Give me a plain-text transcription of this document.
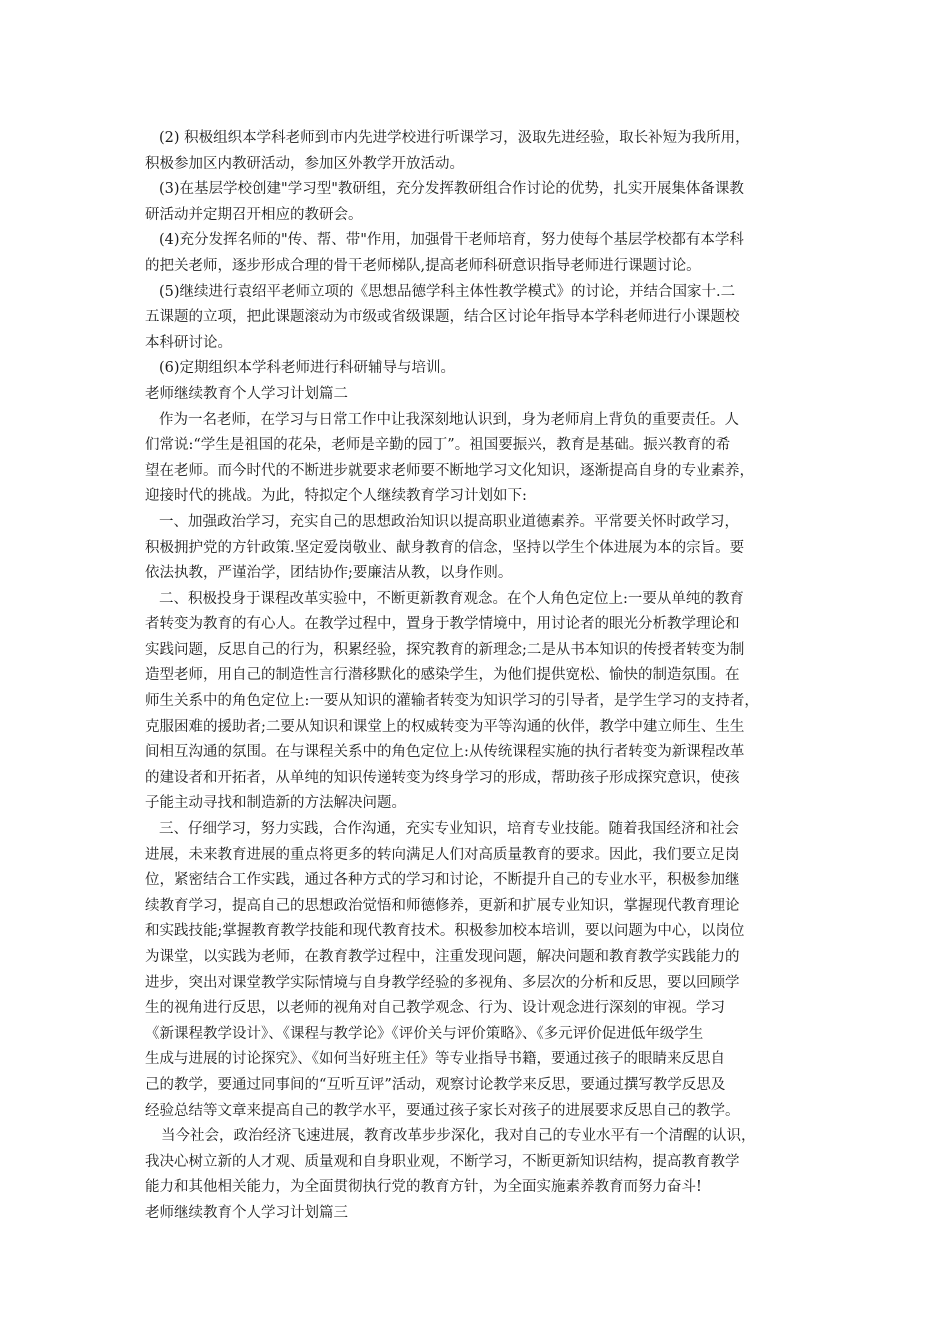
(2) 积极组织本学科老师到市内先进学校进行听课学习，汲取先进经验，取长补短为我所用，
积极参加区内教研活动，参加区外教学开放活动。
(3)在基层学校创建"学习型"教研组，充分发挥教研组合作讨论的优势，扎实开展集体备课教
研活动并定期召开相应的教研会。
(4)充分发挥名师的"传、帮、带"作用，加强骨干老师培育，努力使每个基层学校都有本学科
的把关老师，逐步形成合理的骨干老师梯队,提高老师科研意识指导老师进行课题讨论。
(5)继续进行袁绍平老师立项的《思想品德学科主体性教学模式》的讨论，并结合国家十.二
五课题的立项，把此课题滚动为市级或省级课题，结合区讨论年指导本学科老师进行小课题校
本科研讨论。
(6)定期组织本学科老师进行科研辅导与培训。
老师继续教育个人学习计划篇二
作为一名老师，在学习与日常工作中让我深刻地认识到，身为老师肩上背负的重要责任。人
们常说:“学生是祖国的花朵，老师是辛勤的园丁”。祖国要振兴，教育是基础。振兴教育的希
望在老师。而今时代的不断进步就要求老师要不断地学习文化知识，逐渐提高自身的专业素养，
迎接时代的挑战。为此，特拟定个人继续教育学习计划如下:
一、加强政治学习，充实自己的思想政治知识以提高职业道德素养。平常要关怀时政学习，
积极拥护党的方针政策.坚定爱岗敬业、献身教育的信念，坚持以学生个体进展为本的宗旨。要
依法执教，严谨治学，团结协作;要廉洁从教，以身作则。
二、积极投身于课程改革实验中，不断更新教育观念。在个人角色定位上:一要从单纯的教育
者转变为教育的有心人。在教学过程中，置身于教学情境中，用讨论者的眼光分析教学理论和
实践问题，反思自己的行为，积累经验，探究教育的新理念;二是从书本知识的传授者转变为制
造型老师，用自己的制造性言行潜移默化的感染学生，为他们提供宽松、愉快的制造氛围。在
师生关系中的角色定位上:一要从知识的灌输者转变为知识学习的引导者，是学生学习的支持者，
克服困难的援助者;二要从知识和课堂上的权威转变为平等沟通的伙伴，教学中建立师生、生生
间相互沟通的氛围。在与课程关系中的角色定位上:从传统课程实施的执行者转变为新课程改革
的建设者和开拓者，从单纯的知识传递转变为终身学习的形成，帮助孩子形成探究意识，使孩
子能主动寻找和制造新的方法解决问题。
三、仔细学习，努力实践，合作沟通，充实专业知识，培育专业技能。随着我国经济和社会
进展，未来教育进展的重点将更多的转向满足人们对高质量教育的要求。因此，我们要立足岗
位，紧密结合工作实践，通过各种方式的学习和讨论，不断提升自己的专业水平，积极参加继
续教育学习，提高自己的思想政治觉悟和师德修养，更新和扩展专业知识，掌握现代教育理论
和实践技能;掌握教育教学技能和现代教育技术。积极参加校本培训，要以问题为中心，以岗位
为课堂，以实践为老师，在教育教学过程中，注重发现问题，解决问题和教育教学实践能力的
进步，突出对课堂教学实际情境与自身教学经验的多视角、多层次的分析和反思，要以回顾学
生的视角进行反思，以老师的视角对自己教学观念、行为、设计观念进行深刻的审视。学习
《新课程教学设计》、《课程与教学论》《评价关与评价策略》、《多元评价促进低年级学生
生成与进展的讨论探究》、《如何当好班主任》等专业指导书籍，要通过孩子的眼睛来反思自
己的教学，要通过同事间的“互听互评”活动，观察讨论教学来反思，要通过撰写教学反思及
经验总结等文章来提高自己的教学水平，要通过孩子家长对孩子的进展要求反思自己的教学。
当今社会，政治经济飞速进展，教育改革步步深化，我对自己的专业水平有一个清醒的认识，
我决心树立新的人才观、质量观和自身职业观，不断学习，不断更新知识结构，提高教育教学
能力和其他相关能力，为全面贯彻执行党的教育方针，为全面实施素养教育而努力奋斗!
老师继续教育个人学习计划篇三
